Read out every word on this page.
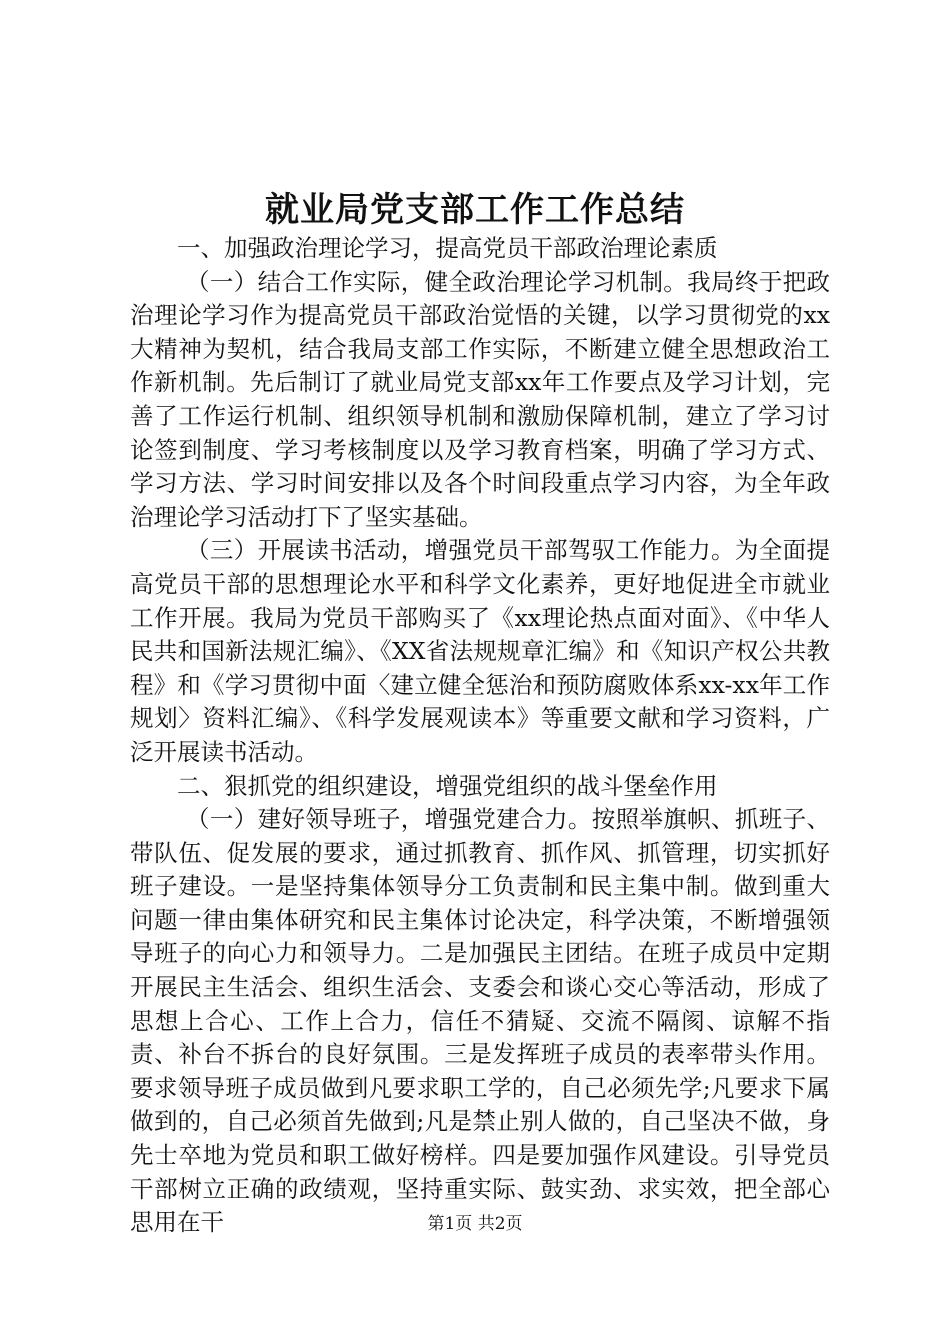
就业局党支部工作工作总结

一、加强政治理论学习，提高党员干部政治理论素质

（一）结合工作实际，健全政治理论学习机制。我局终于把政治理论学习作为提高党员干部政治觉悟的关键，以学习贯彻党的xx大精神为契机，结合我局支部工作实际，不断建立健全思想政治工作新机制。先后制订了就业局党支部xx年工作要点及学习计划，完善了工作运行机制、组织领导机制和激励保障机制，建立了学习讨论签到制度、学习考核制度以及学习教育档案，明确了学习方式、学习方法、学习时间安排以及各个时间段重点学习内容，为全年政治理论学习活动打下了坚实基础。

（三）开展读书活动，增强党员干部驾驭工作能力。为全面提高党员干部的思想理论水平和科学文化素养，更好地促进全市就业工作开展。我局为党员干部购买了《xx理论热点面对面》、《中华人民共和国新法规汇编》、《XX省法规规章汇编》和《知识产权公共教程》和《学习贯彻中面〈建立健全惩治和预防腐败体系xx-xx年工作规划〉资料汇编》、《科学发展观读本》等重要文献和学习资料，广泛开展读书活动。

二、狠抓党的组织建设，增强党组织的战斗堡垒作用

（一）建好领导班子，增强党建合力。按照举旗帜、抓班子、带队伍、促发展的要求，通过抓教育、抓作风、抓管理，切实抓好班子建设。一是坚持集体领导分工负责制和民主集中制。做到重大问题一律由集体研究和民主集体讨论决定，科学决策，不断增强领导班子的向心力和领导力。二是加强民主团结。在班子成员中定期开展民主生活会、组织生活会、支委会和谈心交心等活动，形成了思想上合心、工作上合力，信任不猜疑、交流不隔阂、谅解不指责、补台不拆台的良好氛围。三是发挥班子成员的表率带头作用。要求领导班子成员做到凡要求职工学的，自己必须先学;凡要求下属做到的，自己必须首先做到;凡是禁止别人做的，自己坚决不做，身先士卒地为党员和职工做好榜样。四是要加强作风建设。引导党员干部树立正确的政绩观，坚持重实际、鼓实劲、求实效，把全部心思用在干	第1页 共2页
